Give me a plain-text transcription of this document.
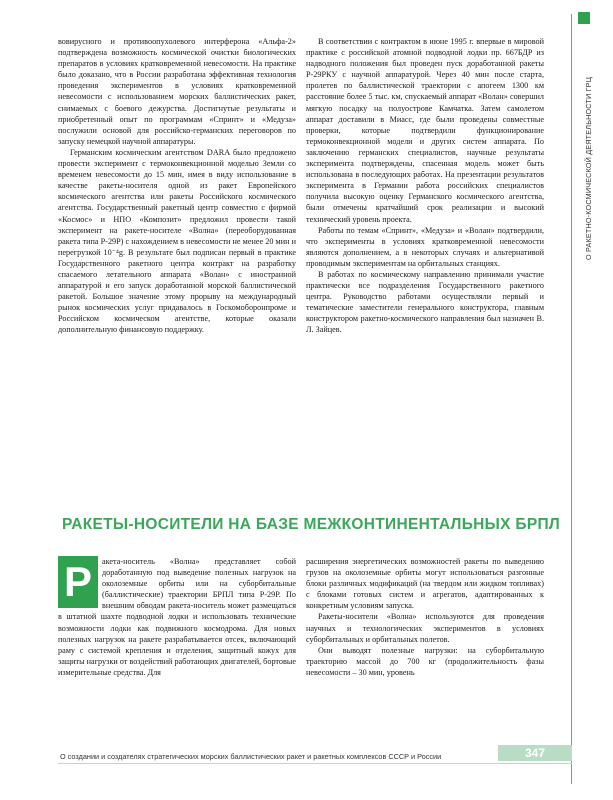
О РАКЕТНО-КОСМИЧЕСКОЙ ДЕЯТЕЛЬНОСТИ ГРЦ

вовирусного и противоопухолевого интерферона «Альфа-2» подтверждена возможность космической очистки биологических препаратов в условиях кратковременной невесомости. На практике было доказано, что в России разработана эффективная технология проведения экспериментов в условиях кратковременной невесомости с использованием морских баллистических ракет, снимаемых с боевого дежурства. Достигнутые результаты и приобретенный опыт по программам «Спринт» и «Медуза» послужили основой для российско-германских переговоров по запуску немецкой научной аппаратуры.

Германским космическим агентством DARA было предложено провести эксперимент с термоконвекционной моделью Земли со временем невесомости до 15 мин, имея в виду использование в качестве ракеты-носителя одной из ракет Европейского космического агентства или ракеты Российского космического агентства. Государственный ракетный центр совместно с фирмой «Космос» и НПО «Композит» предложил провести такой эксперимент на ракете-носителе «Волна» (переоборудованная ракета типа Р-29Р) с нахождением в невесомости не менее 20 мин и перегрузкой 10⁻⁴g. В результате был подписан первый в практике Государственного ракетного центра контракт на разработку спасаемого летательного аппарата «Волан» с иностранной аппаратурой и его запуск доработанной морской баллистической ракетой. Большое значение этому прорыву на международный рынок космических услуг придавалось в Госкомоборонпроме и Российском космическом агентстве, которые оказали дополнительную финансовую поддержку.

В соответствии с контрактом в июне 1995 г. впервые в мировой практике с российской атомной подводной лодки пр. 667БДР из надводного положения был проведен пуск доработанной ракеты Р-29РКУ с научной аппаратурой. Через 40 мин после старта, пролетев по баллистической траектории с апогеем 1300 км расстояние более 5 тыс. км, спускаемый аппарат «Волан» совершил мягкую посадку на полуострове Камчатка. Затем самолетом аппарат доставили в Миасс, где были проведены совместные проверки, которые подтвердили функционирование термоконвекционной модели и других систем аппарата. По заключению германских специалистов, научные результаты эксперимента подтверждены, спасенная модель может быть использована в последующих работах. На презентации результатов эксперимента в Германии работа российских специалистов получила высокую оценку Германского космического агентства, были отмечены кратчайший срок реализации и высокий технический уровень проекта.

Работы по темам «Спринт», «Медуза» и «Волан» подтвердили, что эксперименты в условиях кратковременной невесомости являются дополнением, а в некоторых случаях и альтернативой проводимым экспериментам на орбитальных станциях.

В работах по космическому направлению принимали участие практически все подразделения Государственного ракетного центра. Руководство работами осуществляли первый и тематические заместители генерального конструктора, главным конструктором ракетно-космического направления был назначен В. Л. Зайцев.

РАКЕТЫ-НОСИТЕЛИ НА БАЗЕ МЕЖКОНТИНЕНТАЛЬНЫХ БРПЛ
Р	акета-носитель «Волна» представляет собой доработанную под выведение полезных нагрузок на околоземные орбиты или на суборбитальные (баллистические) траектории БРПЛ типа Р-29Р. По внешним обводам ракета-носитель может размещаться в штатной шахте подводной лодки и использовать технические возможности лодки как подвижного космодрома. Для новых полезных нагрузок на ракете разрабатывается отсек, включающий раму с системой крепления и отделения, защитный кожух для защиты нагрузки от воздействий работающих двигателей, бортовые измерительные средства. Для

расширения энергетических возможностей ракеты по выведению грузов на околоземные орбиты могут использоваться разгонные блоки различных модификаций (на твердом или жидком топливах) с блоками готовых систем и агрегатов, адаптированных к конкретным условиям запуска.

Ракеты-носители «Волна» используются для проведения научных и технологических экспериментов в условиях суборбитальных и орбитальных полетов.

Они выводят полезные нагрузки: на суборбитальную траекторию массой до 700 кг (продолжительность фазы невесомости – 30 мин, уровень

О создании и создателях стратегических морских баллистических ракет и ракетных комплексов СССР и России	347
